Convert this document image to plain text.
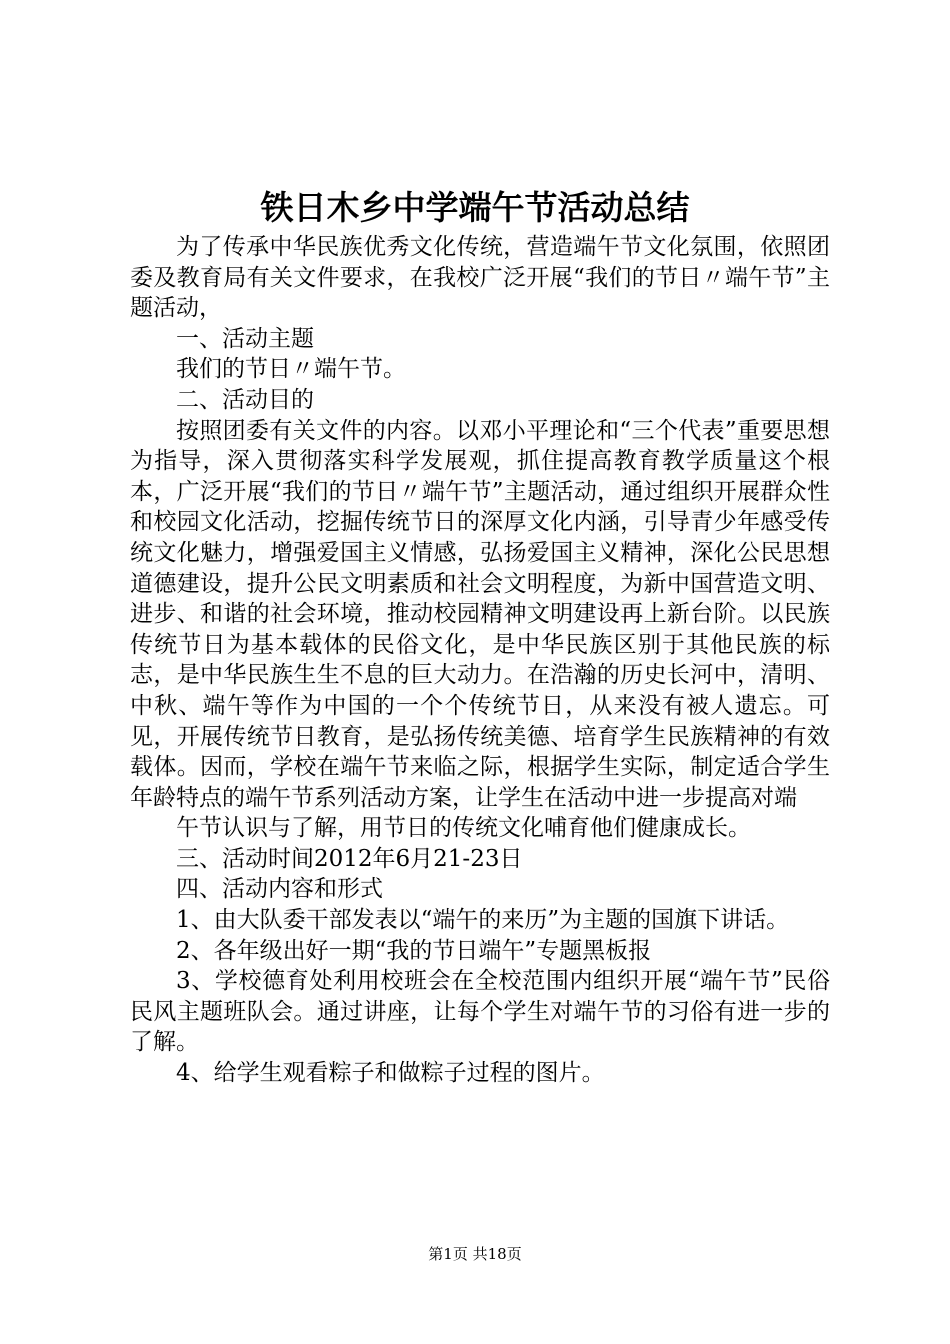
铁日木乡中学端午节活动总结

为了传承中华民族优秀文化传统，营造端午节文化氛围，依照团委及教育局有关文件要求，在我校广泛开展“我们的节日〃端午节”主题活动，

一、活动主题

我们的节日〃端午节。

二、活动目的

按照团委有关文件的内容。以邓小平理论和“三个代表”重要思想为指导，深入贯彻落实科学发展观，抓住提高教育教学质量这个根本，广泛开展“我们的节日〃端午节”主题活动，通过组织开展群众性和校园文化活动，挖掘传统节日的深厚文化内涵，引导青少年感受传统文化魅力，增强爱国主义情感，弘扬爱国主义精神，深化公民思想道德建设，提升公民文明素质和社会文明程度，为新中国营造文明、进步、和谐的社会环境，推动校园精神文明建设再上新台阶。以民族传统节日为基本载体的民俗文化，是中华民族区别于其他民族的标志，是中华民族生生不息的巨大动力。在浩瀚的历史长河中，清明、中秋、端午等作为中国的一个个传统节日，从来没有被人遗忘。可见，开展传统节日教育，是弘扬传统美德、培育学生民族精神的有效载体。因而，学校在端午节来临之际，根据学生实际，制定适合学生年龄特点的端午节系列活动方案，让学生在活动中进一步提高对端

午节认识与了解，用节日的传统文化哺育他们健康成长。

三、活动时间2012年6月21-23日

四、活动内容和形式

1、由大队委干部发表以“端午的来历”为主题的国旗下讲话。

2、各年级出好一期“我的节日端午”专题黑板报

3、学校德育处利用校班会在全校范围内组织开展“端午节”民俗民风主题班队会。通过讲座，让每个学生对端午节的习俗有进一步的了解。

4、给学生观看粽子和做粽子过程的图片。

第1页 共18页
